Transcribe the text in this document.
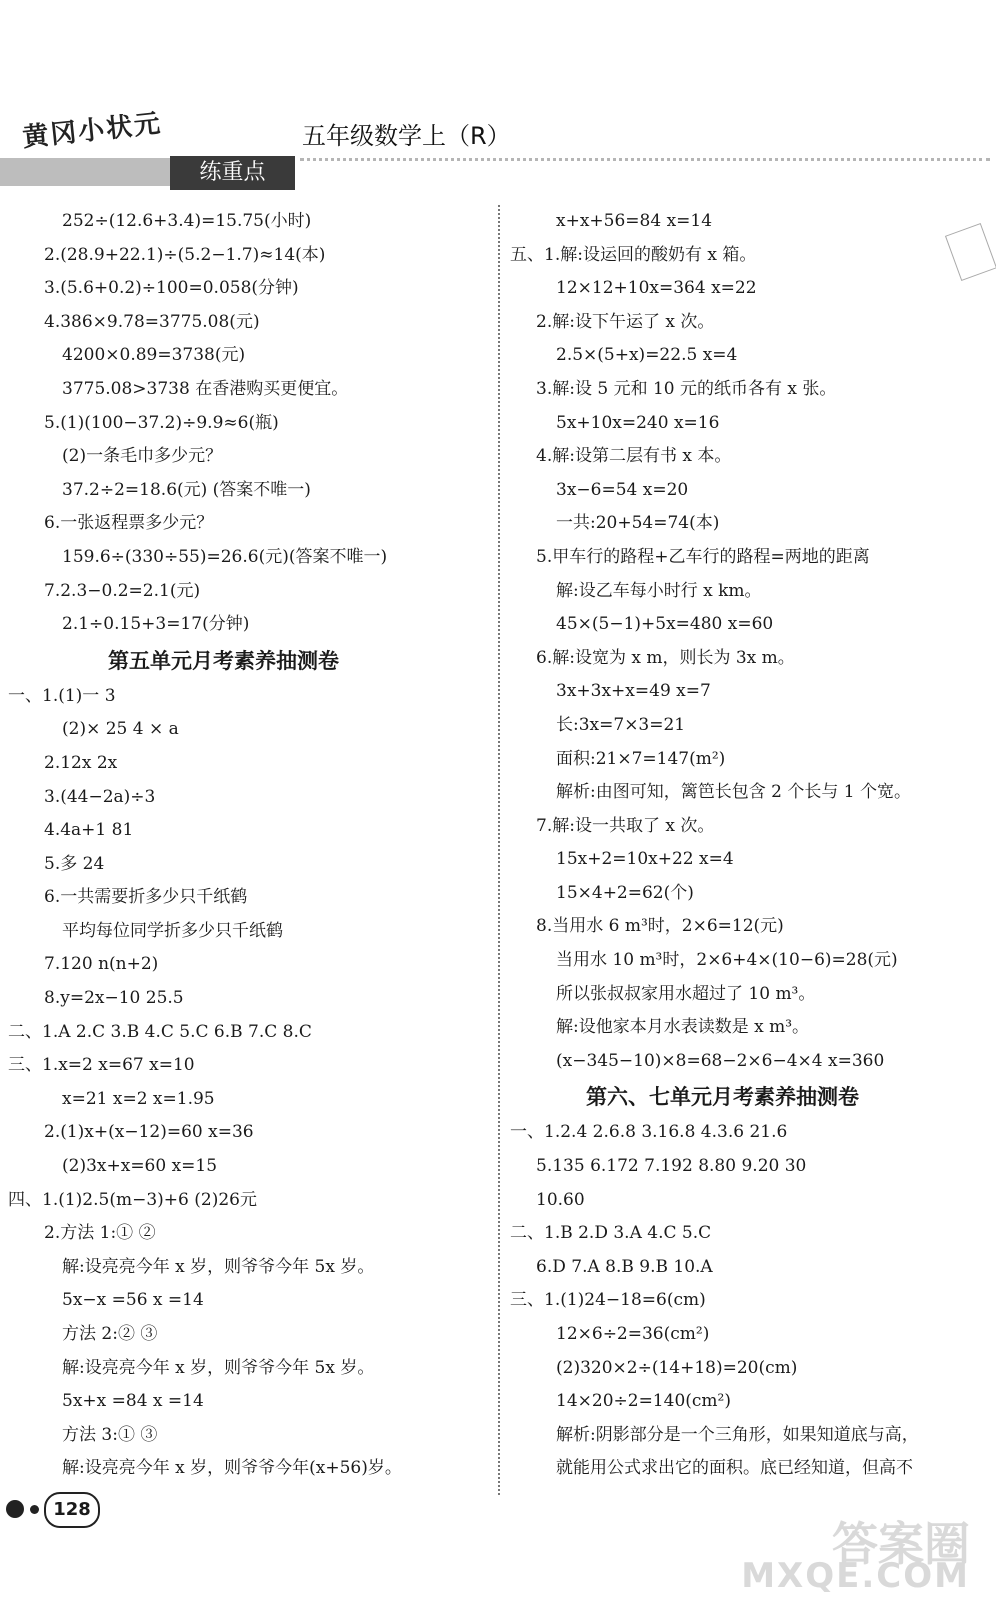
黄冈小状元
练重点
五年级数学上（R）
252÷(12.6+3.4)=15.75(小时)
2.(28.9+22.1)÷(5.2−1.7)≈14(本)
3.(5.6+0.2)÷100=0.058(分钟)
4.386×9.78=3775.08(元)
4200×0.89=3738(元)
3775.08>3738 在香港购买更便宜。
5.(1)(100−37.2)÷9.9≈6(瓶)
(2)一条毛巾多少元？
37.2÷2=18.6(元) (答案不唯一)
6.一张返程票多少元？
159.6÷(330÷55)=26.6(元)(答案不唯一)
7.2.3−0.2=2.1(元)
2.1÷0.15+3=17(分钟)
第五单元月考素养抽测卷
一、1.(1)一 3
(2)× 25 4 × a
2.12x 2x
3.(44−2a)÷3
4.4a+1 81
5.多 24
6.一共需要折多少只千纸鹤
平均每位同学折多少只千纸鹤
7.120 n(n+2)
8.y=2x−10 25.5
二、1.A 2.C 3.B 4.C 5.C 6.B 7.C 8.C
三、1.x=2 x=67 x=10
x=21 x=2 x=1.95
2.(1)x+(x−12)=60 x=36
(2)3x+x=60 x=15
四、1.(1)2.5(m−3)+6 (2)26元
2.方法 1:① ②
解:设亮亮今年 x 岁，则爷爷今年 5x 岁。
5x−x =56 x =14
方法 2:② ③
解:设亮亮今年 x 岁，则爷爷今年 5x 岁。
5x+x =84 x =14
方法 3:① ③
解:设亮亮今年 x 岁，则爷爷今年(x+56)岁。
x+x+56=84 x=14
五、1.解:设运回的酸奶有 x 箱。
12×12+10x=364 x=22
2.解:设下午运了 x 次。
2.5×(5+x)=22.5 x=4
3.解:设 5 元和 10 元的纸币各有 x 张。
5x+10x=240 x=16
4.解:设第二层有书 x 本。
3x−6=54 x=20
一共:20+54=74(本)
5.甲车行的路程+乙车行的路程=两地的距离
解:设乙车每小时行 x km。
45×(5−1)+5x=480 x=60
6.解:设宽为 x m，则长为 3x m。
3x+3x+x=49 x=7
长:3x=7×3=21
面积:21×7=147(m²)
解析:由图可知，篱笆长包含 2 个长与 1 个宽。
7.解:设一共取了 x 次。
15x+2=10x+22 x=4
15×4+2=62(个)
8.当用水 6 m³时，2×6=12(元)
当用水 10 m³时，2×6+4×(10−6)=28(元)
所以张叔叔家用水超过了 10 m³。
解:设他家本月水表读数是 x m³。
(x−345−10)×8=68−2×6−4×4 x=360
第六、七单元月考素养抽测卷
一、1.2.4 2.6.8 3.16.8 4.3.6 21.6
5.135 6.172 7.192 8.80 9.20 30
10.60
二、1.B 2.D 3.A 4.C 5.C
6.D 7.A 8.B 9.B 10.A
三、1.(1)24−18=6(cm)
12×6÷2=36(cm²)
(2)320×2÷(14+18)=20(cm)
14×20÷2=140(cm²)
解析:阴影部分是一个三角形，如果知道底与高，
就能用公式求出它的面积。底已经知道，但高不
128
答案圈
MXQE.COM
